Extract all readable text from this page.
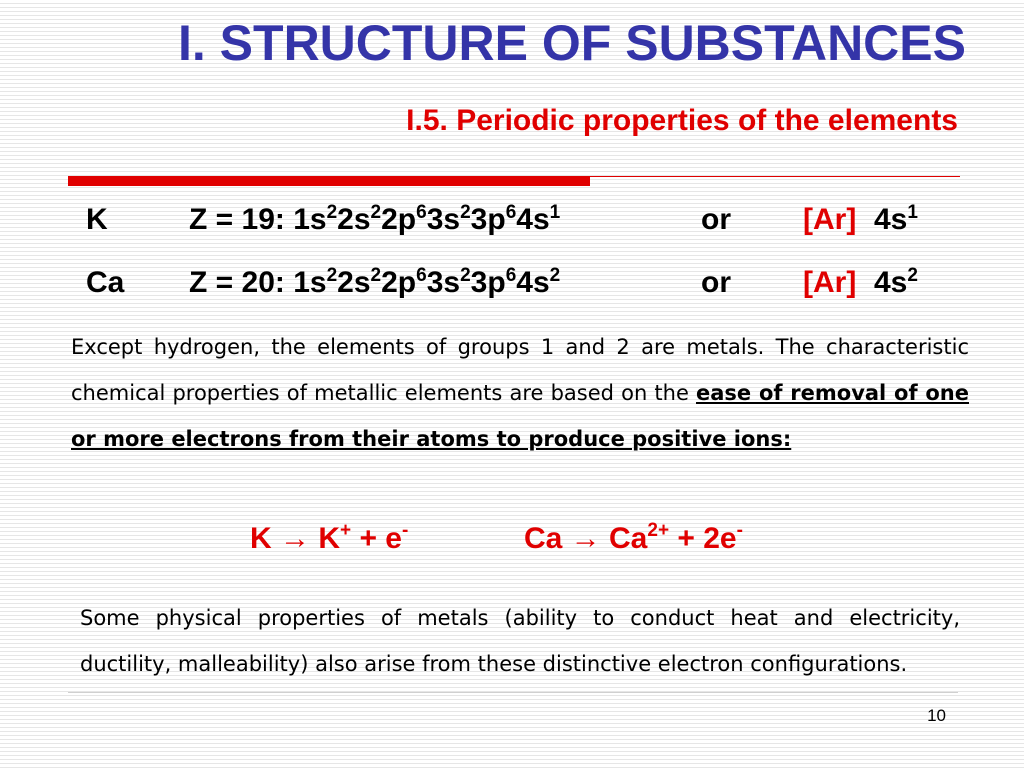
I. STRUCTURE OF SUBSTANCES
I.5. Periodic properties of the elements
K	Z = 19: $1s^22s^22p^63s^23p^64s^1$	or [Ar] $4s^1$
Ca Z = 20: $1s^22s^22p^63s^23p^64s^2$	or [Ar] $4s^2$
Except hydrogen, the elements of groups 1 and 2 are metals. The characteristic chemical properties of metallic elements are based on the ease of removal of one or more electrons from their atoms to produce positive ions:
K → K+ + e-	$Ca \to Ca^{2+} + 2e^-$
Some physical properties of metals (ability to conduct heat and electricity, ductility, malleability) also arise from these distinctive electron configurations.
10
